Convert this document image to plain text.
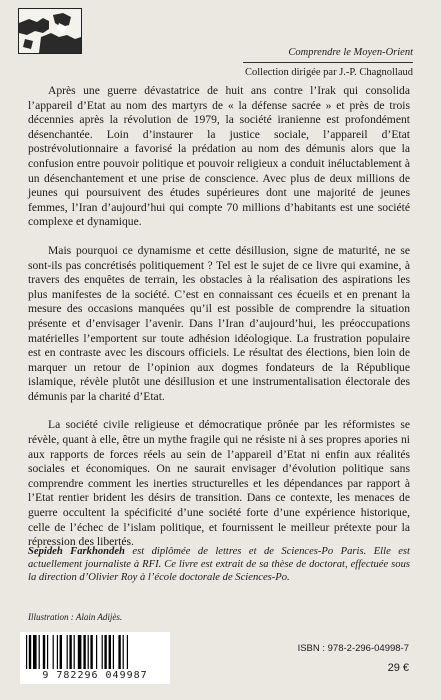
Comprendre le Moyen-Orient
Collection dirigée par J.-P. Chagnollaud

Après une guerre dévastatrice de huit ans contre l’Irak qui consolida l’appareil d’Etat au nom des martyrs de « la défense sacrée » et près de trois décennies après la révolution de 1979, la société iranienne est profondément désenchantée. Loin d’instaurer la justice sociale, l’appareil d’Etat postrévolutionnaire a favorisé la prédation au nom des démunis alors que la confusion entre pouvoir politique et pouvoir religieux a conduit inéluctablement à un désenchantement et une prise de conscience. Avec plus de deux millions de jeunes qui poursuivent des études supérieures dont une majorité de jeunes femmes, l’Iran d’aujourd’hui qui compte 70 millions d’habitants est une société complexe et dynamique.

Mais pourquoi ce dynamisme et cette désillusion, signe de maturité, ne se sont-ils pas concrétisés politiquement ? Tel est le sujet de ce livre qui examine, à travers des enquêtes de terrain, les obstacles à la réalisation des aspirations les plus manifestes de la société. C’est en connaissant ces écueils et en prenant la mesure des occasions manquées qu’il est possible de comprendre la situation présente et d’envisager l’avenir. Dans l’Iran d’aujourd’hui, les préoccupations matérielles l’emportent sur toute adhésion idéologique. La frustration populaire est en contraste avec les discours officiels. Le résultat des élections, bien loin de marquer un retour de l’opinion aux dogmes fondateurs de la République islamique, révèle plutôt une désillusion et une instrumentalisation électorale des démunis par la charité d’Etat.

La société civile religieuse et démocratique prônée par les réformistes se révèle, quant à elle, être un mythe fragile qui ne résiste ni à ses propres apories ni aux rapports de forces réels au sein de l’appareil d’Etat ni enfin aux réalités sociales et économiques. On ne saurait envisager d’évolution politique sans comprendre comment les inerties structurelles et les dépendances par rapport à l’Etat rentier brident les désirs de transition. Dans ce contexte, les menaces de guerre occultent la spécificité d’une société forte d’une expérience historique, celle de l’échec de l’islam politique, et fournissent le meilleur prétexte pour la répression des libertés.

Sepideh Farkhondeh est diplômée de lettres et de Sciences-Po Paris. Elle est actuellement journaliste à RFI. Ce livre est extrait de sa thèse de doctorat, effectuée sous la direction d’Olivier Roy à l’école doctorale de Sciences-Po.
Illustration : Alain Adijès.
9 782296 049987
ISBN : 978-2-296-04998-7
29 €
